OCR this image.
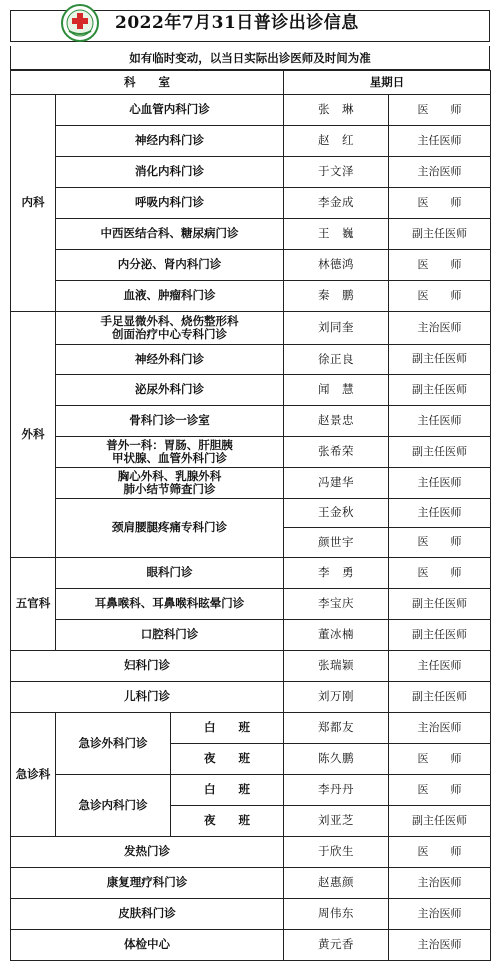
2022年7月31日普诊出诊信息
如有临时变动，以当日实际出诊医师及时间为准
科　　室			星期日	
内科	心血管内科门诊		张　琳	医　　师
	神经内科门诊		赵　红	主任医师
	消化内科门诊		于文泽	主治医师
	呼吸内科门诊		李金成	医　　师
	中西医结合科、糖尿病门诊		王　巍	副主任医师
	内分泌、肾内科门诊		林德鸿	医　　师
	血液、肿瘤科门诊		秦　鹏	医　　师
外科	手足显微外科、烧伤整形科
创面治疗中心专科门诊		刘同奎	主治医师
	神经外科门诊		徐正良	副主任医师
	泌尿外科门诊		闻　慧	副主任医师
	骨科门诊一诊室		赵景忠	主任医师
	普外一科：胃肠、肝胆胰
甲状腺、血管外科门诊		张希荣	副主任医师
	胸心外科、乳腺外科
肺小结节筛查门诊		冯建华	主任医师
	颈肩腰腿疼痛专科门诊		王金秋	主任医师
			颜世宇	医　　师
五官科	眼科门诊		李　勇	医　　师
	耳鼻喉科、耳鼻喉科眩晕门诊		李宝庆	副主任医师
	口腔科门诊		董冰楠	副主任医师
妇科门诊			张瑞颖	主任医师
儿科门诊			刘万刚	副主任医师
急诊科	急诊外科门诊	白　　班	郑都友	主治医师
		夜　　班	陈久鹏	医　　师
	急诊内科门诊	白　　班	李丹丹	医　　师
		夜　　班	刘亚芝	副主任医师
发热门诊			于欣生	医　　师
康复理疗科门诊			赵惠颜	主治医师
皮肤科门诊			周伟东	主治医师
体检中心			黄元香	主治医师
